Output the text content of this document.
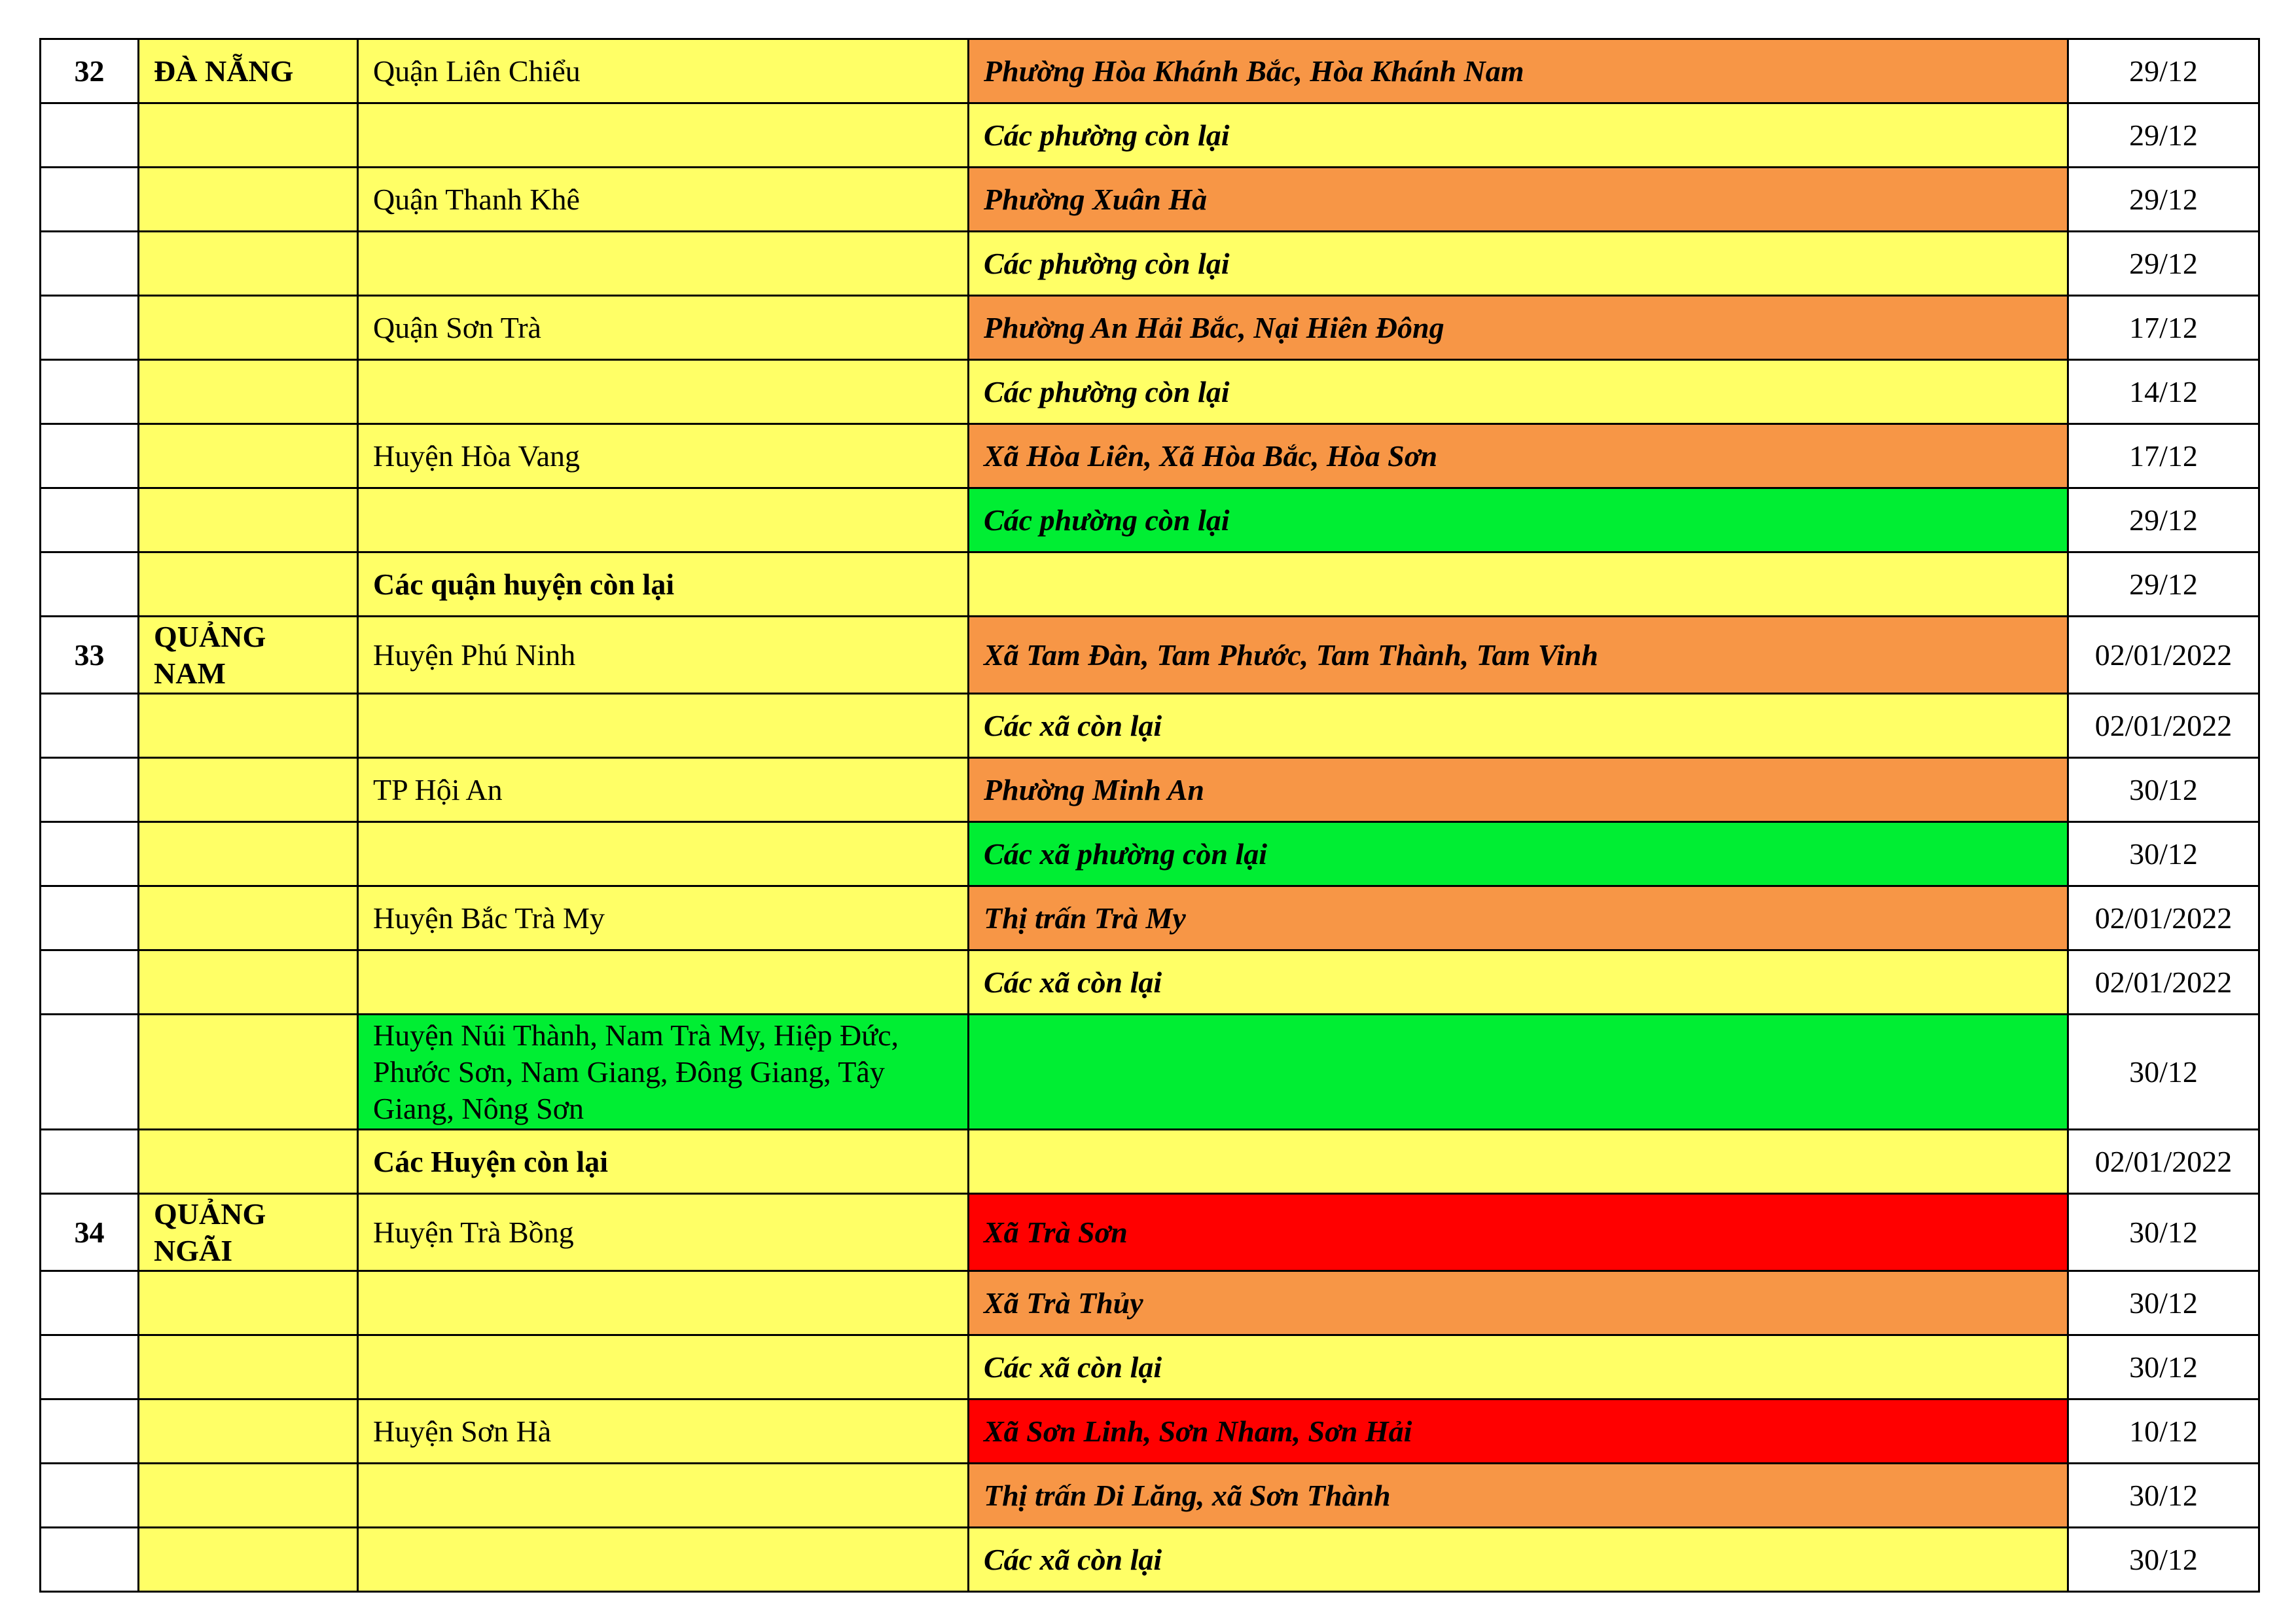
32	ĐÀ NẴNG	Quận Liên Chiểu	Phường Hòa Khánh Bắc, Hòa Khánh Nam	29/12
			Các phường còn lại	29/12
		Quận Thanh Khê	Phường Xuân Hà	29/12
			Các phường còn lại	29/12
		Quận Sơn Trà	Phường An Hải Bắc, Nại Hiên Đông	17/12
			Các phường còn lại	14/12
		Huyện Hòa Vang	Xã Hòa Liên, Xã Hòa Bắc, Hòa Sơn	17/12
			Các phường còn lại	29/12
		Các quận huyện còn lại		29/12
33	QUẢNG NAM	Huyện Phú Ninh	Xã Tam Đàn, Tam Phước, Tam Thành, Tam Vinh	02/01/2022
			Các xã còn lại	02/01/2022
		TP Hội An	Phường Minh An	30/12
			Các xã phường còn lại	30/12
		Huyện Bắc Trà My	Thị trấn Trà My	02/01/2022
			Các xã còn lại	02/01/2022
		Huyện Núi Thành, Nam Trà My, Hiệp Đức, Phước Sơn, Nam Giang, Đông Giang, Tây Giang, Nông Sơn		30/12
		Các Huyện còn lại		02/01/2022
34	QUẢNG NGÃI	Huyện Trà Bồng	Xã Trà Sơn	30/12
			Xã Trà Thủy	30/12
			Các xã còn lại	30/12
		Huyện Sơn Hà	Xã Sơn Linh, Sơn Nham, Sơn Hải	10/12
			Thị trấn Di Lăng, xã Sơn Thành	30/12
			Các xã còn lại	30/12
